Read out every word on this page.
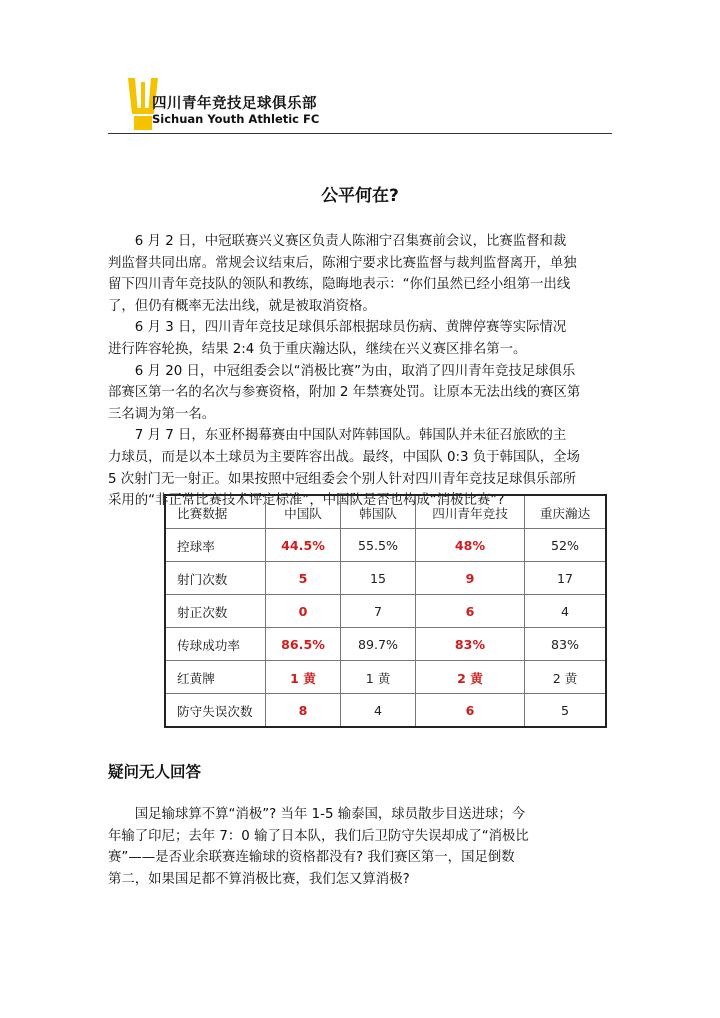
四川青年竞技足球俱乐部
Sichuan Youth Athletic FC
公平何在?

6 月 2 日，中冠联赛兴义赛区负责人陈湘宁召集赛前会议，比赛监督和裁
判监督共同出席。常规会议结束后，陈湘宁要求比赛监督与裁判监督离开，单独
留下四川青年竞技队的领队和教练，隐晦地表示：“你们虽然已经小组第一出线
了，但仍有概率无法出线，就是被取消资格。

6 月 3 日，四川青年竞技足球俱乐部根据球员伤病、黄牌停赛等实际情况
进行阵容轮换，结果 2:4 负于重庆瀚达队，继续在兴义赛区排名第一。

6 月 20 日，中冠组委会以“消极比赛”为由，取消了四川青年竞技足球俱乐
部赛区第一名的名次与参赛资格，附加 2 年禁赛处罚。让原本无法出线的赛区第
三名调为第一名。

7 月 7 日，东亚杯揭幕赛由中国队对阵韩国队。韩国队并未征召旅欧的主
力球员，而是以本土球员为主要阵容出战。最终，中国队 0:3 负于韩国队，全场
5 次射门无一射正。如果按照中冠组委会个别人针对四川青年竞技足球俱乐部所
采用的“非正常比赛技术评定标准”，中国队是否也构成“消极比赛”?

比赛数据	中国队	韩国队	四川青年竞技	重庆瀚达
控球率	44.5%	55.5%	48%	52%
射门次数	5	15	9	17
射正次数	0	7	6	4
传球成功率	86.5%	89.7%	83%	83%
红黄牌	1 黄	1 黄	2 黄	2 黄
防守失误次数	8	4	6	5
疑问无人回答

国足输球算不算“消极”? 当年 1-5 输泰国，球员散步目送进球；今
年输了印尼；去年 7：0 输了日本队，我们后卫防守失误却成了“消极比
赛”——是否业余联赛连输球的资格都没有? 我们赛区第一，国足倒数
第二，如果国足都不算消极比赛，我们怎又算消极?
